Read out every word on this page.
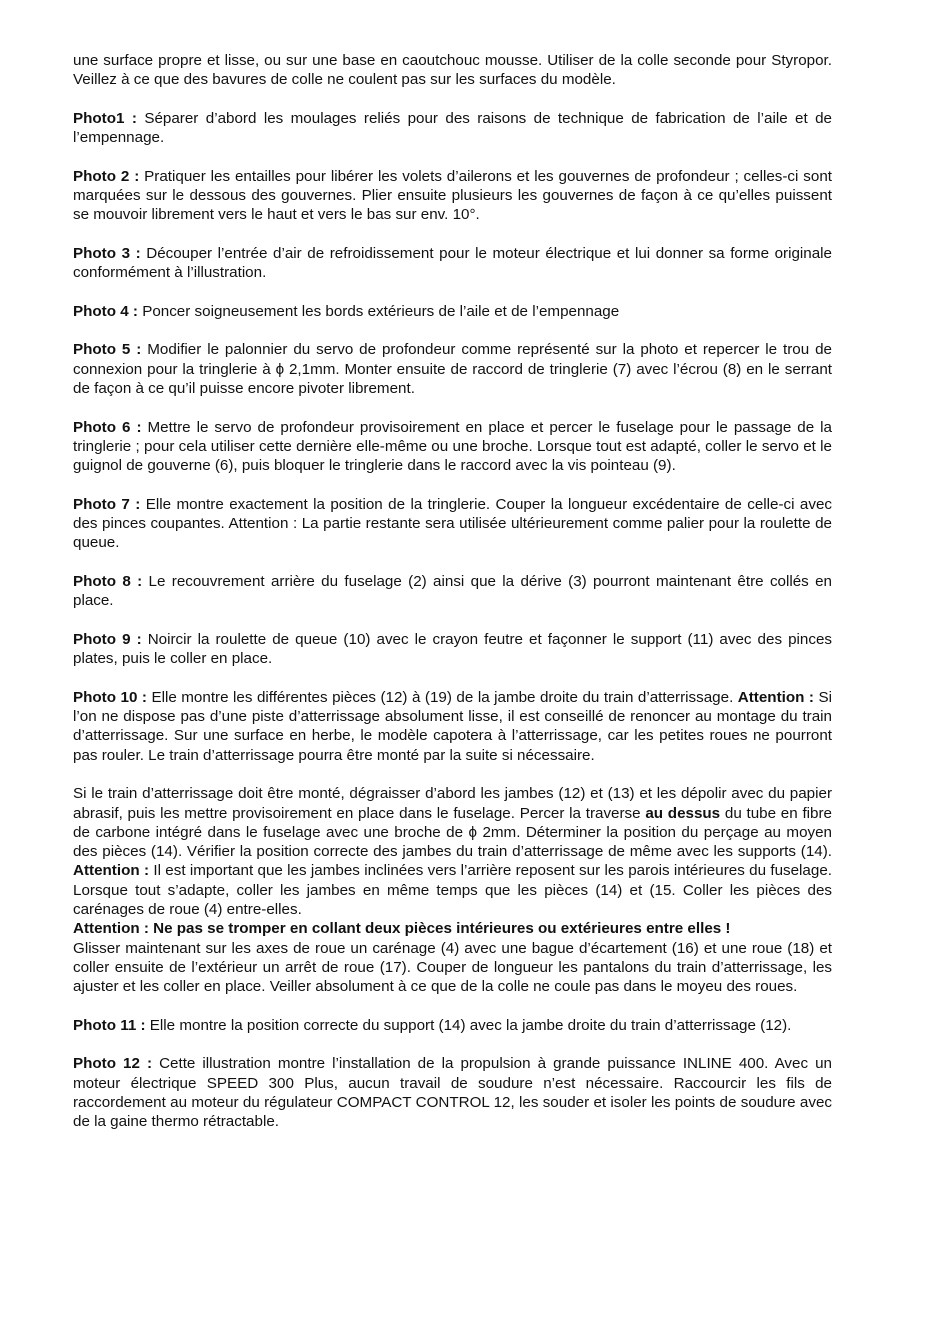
une surface propre et lisse, ou sur une base en caoutchouc mousse. Utiliser de la colle seconde pour Styropor. Veillez à ce que des bavures de colle ne coulent pas sur les surfaces du modèle.

Photo1 : Séparer d’abord les moulages reliés pour des raisons de technique de fabrication de l’aile et de l’empennage.

Photo 2 : Pratiquer les entailles pour libérer les volets d’ailerons et les gouvernes de profondeur ; celles-ci sont marquées sur le dessous des gouvernes. Plier ensuite plusieurs les gouvernes de façon à ce qu’elles puissent se mouvoir librement vers le haut et vers le bas sur env. 10°.

Photo 3 : Découper l’entrée d’air de refroidissement pour le moteur électrique et lui donner sa forme originale conformément à l’illustration.

Photo 4 : Poncer soigneusement les bords extérieurs de l’aile et de l’empennage

Photo 5 : Modifier le palonnier du servo de profondeur comme représenté sur la photo et repercer le trou de connexion pour la tringlerie à ϕ 2,1mm. Monter ensuite de raccord de tringlerie (7) avec l’écrou (8) en le serrant de façon à ce qu’il puisse encore pivoter librement.

Photo 6 : Mettre le servo de profondeur provisoirement en place et percer le fuselage pour le passage de la tringlerie ; pour cela utiliser cette dernière elle-même ou une broche. Lorsque tout est adapté, coller le servo et le guignol de gouverne (6), puis bloquer le tringlerie dans le raccord avec la vis pointeau (9).

Photo 7 : Elle montre exactement la position de la tringlerie. Couper la longueur excédentaire de celle-ci avec des pinces coupantes. Attention : La partie restante sera utilisée ultérieurement comme palier pour la roulette de queue.

Photo 8 : Le recouvrement arrière du fuselage (2) ainsi que la dérive (3) pourront maintenant être collés en place.

Photo 9 : Noircir la roulette de queue (10) avec le crayon feutre et façonner le support (11) avec des pinces plates, puis le coller en place.

Photo 10 : Elle montre les différentes pièces (12) à (19) de la jambe droite du train d’atterrissage. Attention : Si l’on ne dispose pas d’une piste d’atterrissage absolument lisse, il est conseillé de renoncer au montage du train d’atterrissage. Sur une surface en herbe, le modèle capotera à l’atterrissage, car les petites roues ne pourront pas rouler. Le train d’atterrissage pourra être monté par la suite si nécessaire.

Si le train d’atterrissage doit être monté, dégraisser d’abord les jambes (12) et (13) et les dépolir avec du papier abrasif, puis les mettre provisoirement en place dans le fuselage. Percer la traverse au dessus du tube en fibre de carbone intégré dans le fuselage avec une broche de ϕ 2mm. Déterminer la position du perçage au moyen des pièces (14). Vérifier la position correcte des jambes du train d’atterrissage de même avec les supports (14). Attention : Il est important que les jambes inclinées vers l’arrière reposent sur les parois intérieures du fuselage. Lorsque tout s’adapte, coller les jambes en même temps que les pièces (14) et (15. Coller les pièces des carénages de roue (4) entre-elles.

Attention : Ne pas se tromper en collant deux pièces intérieures ou extérieures entre elles !

Glisser maintenant sur les axes de roue un carénage (4) avec une bague d’écartement (16) et une roue (18) et coller ensuite de l’extérieur un arrêt de roue (17). Couper de longueur les pantalons du train d’atterrissage, les ajuster et les coller en place. Veiller absolument à ce que de la colle ne coule pas dans le moyeu des roues.

Photo 11 : Elle montre la position correcte du support (14) avec la jambe droite du train d’atterrissage (12).

Photo 12 : Cette illustration montre l’installation de la propulsion à grande puissance INLINE 400. Avec un moteur électrique SPEED 300 Plus, aucun travail de soudure n’est nécessaire. Raccourcir les fils de raccordement au moteur du régulateur COMPACT CONTROL 12, les souder et isoler les points de soudure avec de la gaine thermo rétractable.
